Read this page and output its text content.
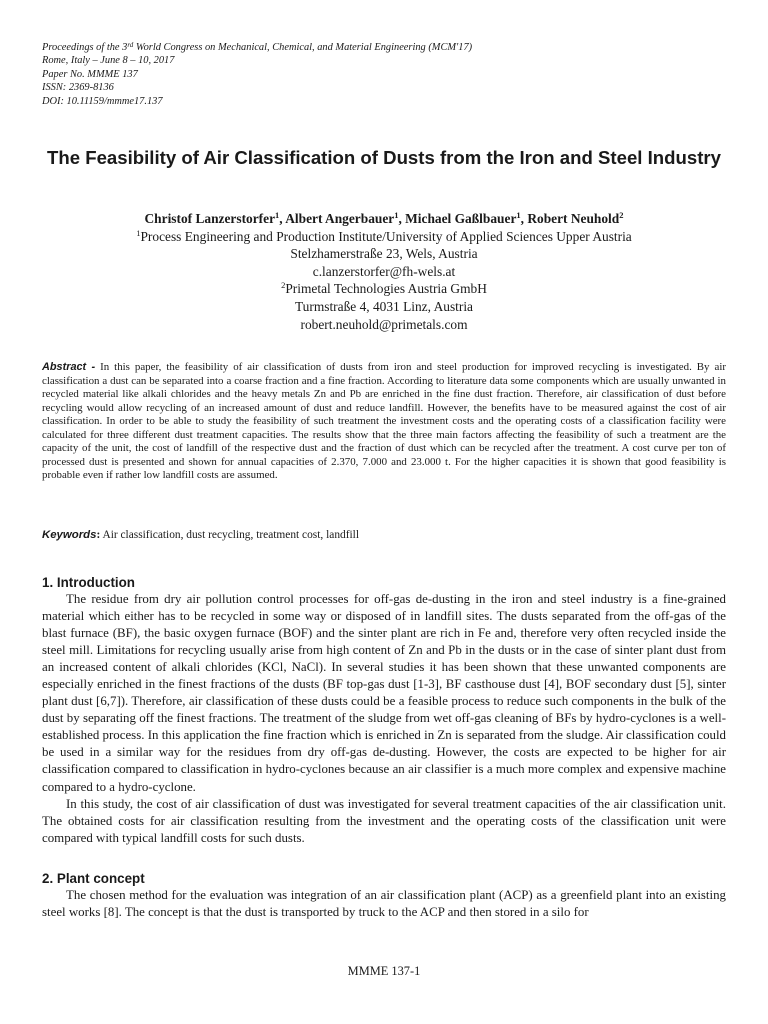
Proceedings of the 3rd World Congress on Mechanical, Chemical, and Material Engineering (MCM'17)
Rome, Italy – June 8 – 10, 2017
Paper No. MMME 137
ISSN: 2369-8136
DOI: 10.11159/mmme17.137
The Feasibility of Air Classification of Dusts from the Iron and Steel Industry
Christof Lanzerstorfer$^1$, Albert Angerbauer$^1$, Michael Gaßlbauer$^1$, Robert Neuhold$^2$
$^1$Process Engineering and Production Institute/University of Applied Sciences Upper Austria
Stelzhamerstraße 23, Wels, Austria
c.lanzerstorfer@fh-wels.at
$^2$Primetal Technologies Austria GmbH
Turmstraße 4, 4031 Linz, Austria
robert.neuhold@primetals.com
Abstract - In this paper, the feasibility of air classification of dusts from iron and steel production for improved recycling is investigated. By air classification a dust can be separated into a coarse fraction and a fine fraction. According to literature data some components which are usually unwanted in recycled material like alkali chlorides and the heavy metals Zn and Pb are enriched in the fine dust fraction. Therefore, air classification of dust before recycling would allow recycling of an increased amount of dust and reduce landfill. However, the benefits have to be measured against the cost of air classification. In order to be able to study the feasibility of such treatment the investment costs and the operating costs of a classification facility were calculated for three different dust treatment capacities. The results show that the three main factors affecting the feasibility of such a treatment are the capacity of the unit, the cost of landfill of the respective dust and the fraction of dust which can be recycled after the treatment. A cost curve per ton of processed dust is presented and shown for annual capacities of 2.370, 7.000 and 23.000 t. For the higher capacities it is shown that good feasibility is probable even if rather low landfill costs are assumed.
Keywords: Air classification, dust recycling, treatment cost, landfill
1. Introduction

The residue from dry air pollution control processes for off-gas de-dusting in the iron and steel industry is a fine-grained material which either has to be recycled in some way or disposed of in landfill sites. The dusts separated from the off-gas of the blast furnace (BF), the basic oxygen furnace (BOF) and the sinter plant are rich in Fe and, therefore very often recycled inside the steel mill. Limitations for recycling usually arise from high content of Zn and Pb in the dusts or in the case of sinter plant dust from an increased content of alkali chlorides (KCl, NaCl). In several studies it has been shown that these unwanted components are especially enriched in the finest fractions of the dusts (BF top-gas dust [1-3], BF casthouse dust [4], BOF secondary dust [5], sinter plant dust [6,7]). Therefore, air classification of these dusts could be a feasible process to reduce such components in the bulk of the dust by separating off the finest fractions. The treatment of the sludge from wet off-gas cleaning of BFs by hydro-cyclones is a well-established process. In this application the fine fraction which is enriched in Zn is separated from the sludge. Air classification could be used in a similar way for the residues from dry off-gas de-dusting. However, the costs are expected to be higher for air classification compared to classification in hydro-cyclones because an air classifier is a much more complex and expensive machine compared to a hydro-cyclone.

In this study, the cost of air classification of dust was investigated for several treatment capacities of the air classification unit. The obtained costs for air classification resulting from the investment and the operating costs of the classification unit were compared with typical landfill costs for such dusts.

2. Plant concept

The chosen method for the evaluation was integration of an air classification plant (ACP) as a greenfield plant into an existing steel works [8]. The concept is that the dust is transported by truck to the ACP and then stored in a silo for

MMME 137-1
